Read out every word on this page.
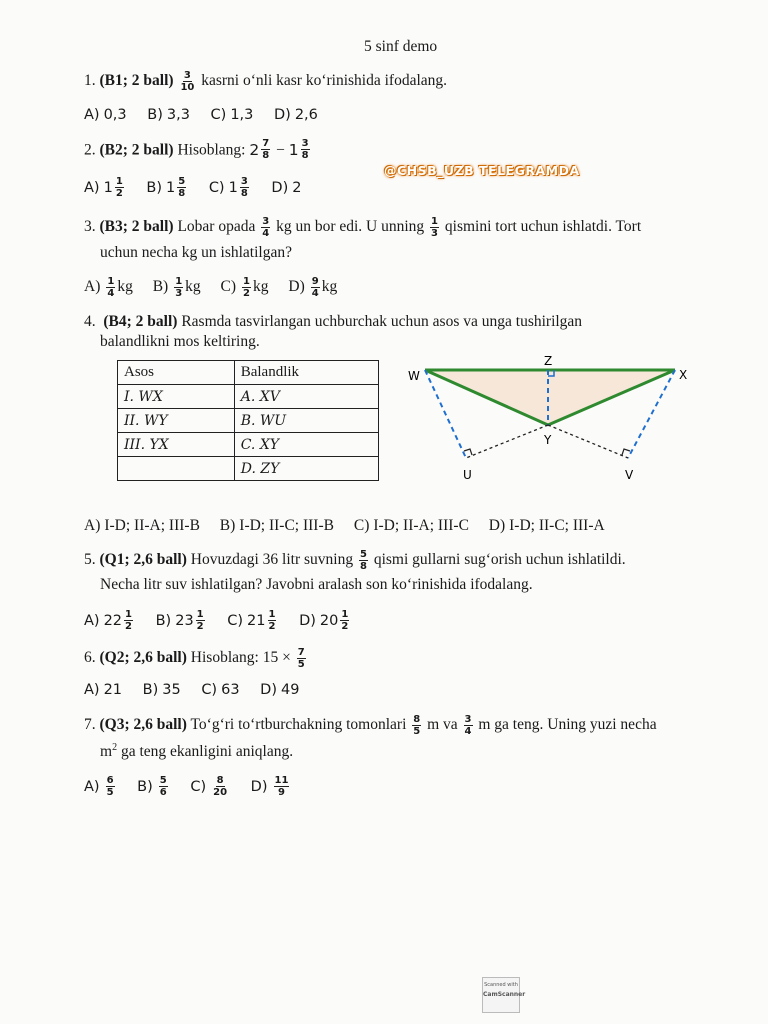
5 sinf demo
1. (B1; 2 ball) $\frac{3}{10}$ kasrni o‘nli kasr ko‘rinishida ifodalang.
A) 0,3 B) 3,3 C) 1,3 D) 2,6
2. (B2; 2 ball) Hisoblang: $2 \frac{7}{8} - 1 \frac{3}{8}$
@CHSB_UZB TELEGRAMDA
A) $1 \frac{1}{2} B$) $1 \frac{5}{8} C$) $1 \frac{3}{8} D$) 2
3. (B3; 2 ball) Lobar opada $\frac{3}{4}$ kg un bor edi. U unning $\frac{1}{3}$ qismini tort uchun ishlatdi. Tort
uchun necha kg un ishlatilgan?
$A) \frac{1}{4}$ kg $B) \frac{1}{3}$ kg $C) \frac{1}{2}$ kg $D) \frac{9}{4}$ kg
4. (B4; 2 ball) Rasmda tasvirlangan uchburchak uchun asos va unga tushirilgan
balandlikni mos keltiring.
Asos	Balandlik
I. WX	A. XV
II. WY	B. WU
III. YX	C. XY
	D. ZY
W	X
Z
Y
U	V
A) I-D; II-A; III-B B) I-D; II-C; III-B C) I-D; II-A; III-C D) I-D; II-C; III-A
5. (Q1; 2,6 ball) Hovuzdagi 36 litr suvning $\frac{5}{8}$ qismi gullarni sug‘orish uchun ishlatildi.
Necha litr suv ishlatilgan? Javobni aralash son ko‘rinishida ifodalang.
A) $22 \frac{1}{2} B$) $23 \frac{1}{2} C$) $21 \frac{1}{2} D$) $20 \frac{1}{2}$
6. (Q2; 2,6 ball) Hisoblang: $15 \times \frac{7}{5}$
A) 21 B) 35 C) 63 D) 49
7. (Q3; 2,6 ball) To‘g‘ri to‘rtburchakning tomonlari $\frac{8}{5}$ m va $\frac{3}{4}$ m ga teng. Uning yuzi necha
$m^2$ ga teng ekanligini aniqlang.
$A) \frac{6}{5} B) \frac{5}{6} C) \frac{8}{20} D) \frac{11}{9}$
Scanned with
CamScanner
